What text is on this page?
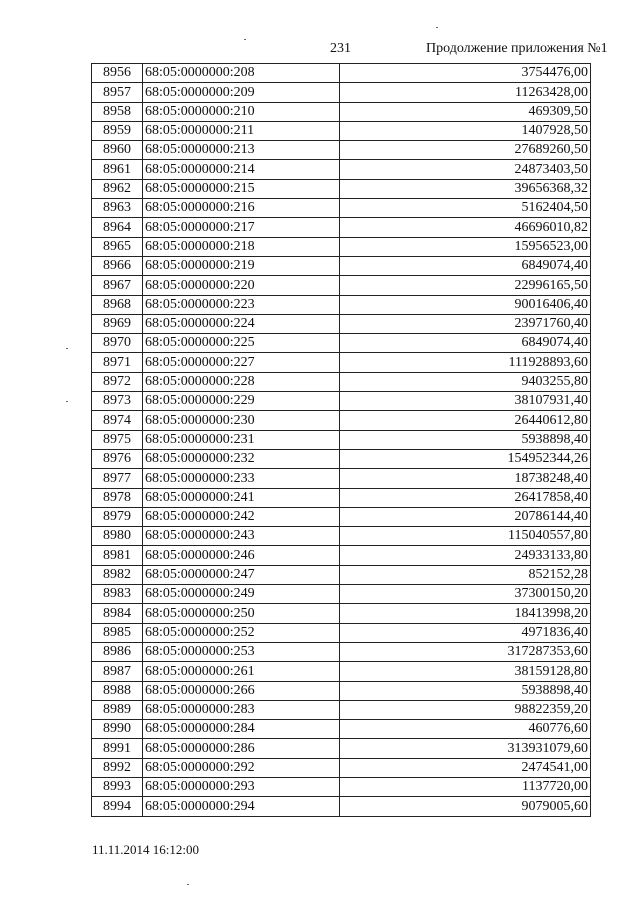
231	Продолжение приложения №1
8956	68:05:0000000:208	3754476,00
8957	68:05:0000000:209	11263428,00
8958	68:05:0000000:210	469309,50
8959	68:05:0000000:211	1407928,50
8960	68:05:0000000:213	27689260,50
8961	68:05:0000000:214	24873403,50
8962	68:05:0000000:215	39656368,32
8963	68:05:0000000:216	5162404,50
8964	68:05:0000000:217	46696010,82
8965	68:05:0000000:218	15956523,00
8966	68:05:0000000:219	6849074,40
8967	68:05:0000000:220	22996165,50
8968	68:05:0000000:223	90016406,40
8969	68:05:0000000:224	23971760,40
8970	68:05:0000000:225	6849074,40
8971	68:05:0000000:227	111928893,60
8972	68:05:0000000:228	9403255,80
8973	68:05:0000000:229	38107931,40
8974	68:05:0000000:230	26440612,80
8975	68:05:0000000:231	5938898,40
8976	68:05:0000000:232	154952344,26
8977	68:05:0000000:233	18738248,40
8978	68:05:0000000:241	26417858,40
8979	68:05:0000000:242	20786144,40
8980	68:05:0000000:243	115040557,80
8981	68:05:0000000:246	24933133,80
8982	68:05:0000000:247	852152,28
8983	68:05:0000000:249	37300150,20
8984	68:05:0000000:250	18413998,20
8985	68:05:0000000:252	4971836,40
8986	68:05:0000000:253	317287353,60
8987	68:05:0000000:261	38159128,80
8988	68:05:0000000:266	5938898,40
8989	68:05:0000000:283	98822359,20
8990	68:05:0000000:284	460776,60
8991	68:05:0000000:286	313931079,60
8992	68:05:0000000:292	2474541,00
8993	68:05:0000000:293	1137720,00
8994	68:05:0000000:294	9079005,60
11.11.2014 16:12:00
